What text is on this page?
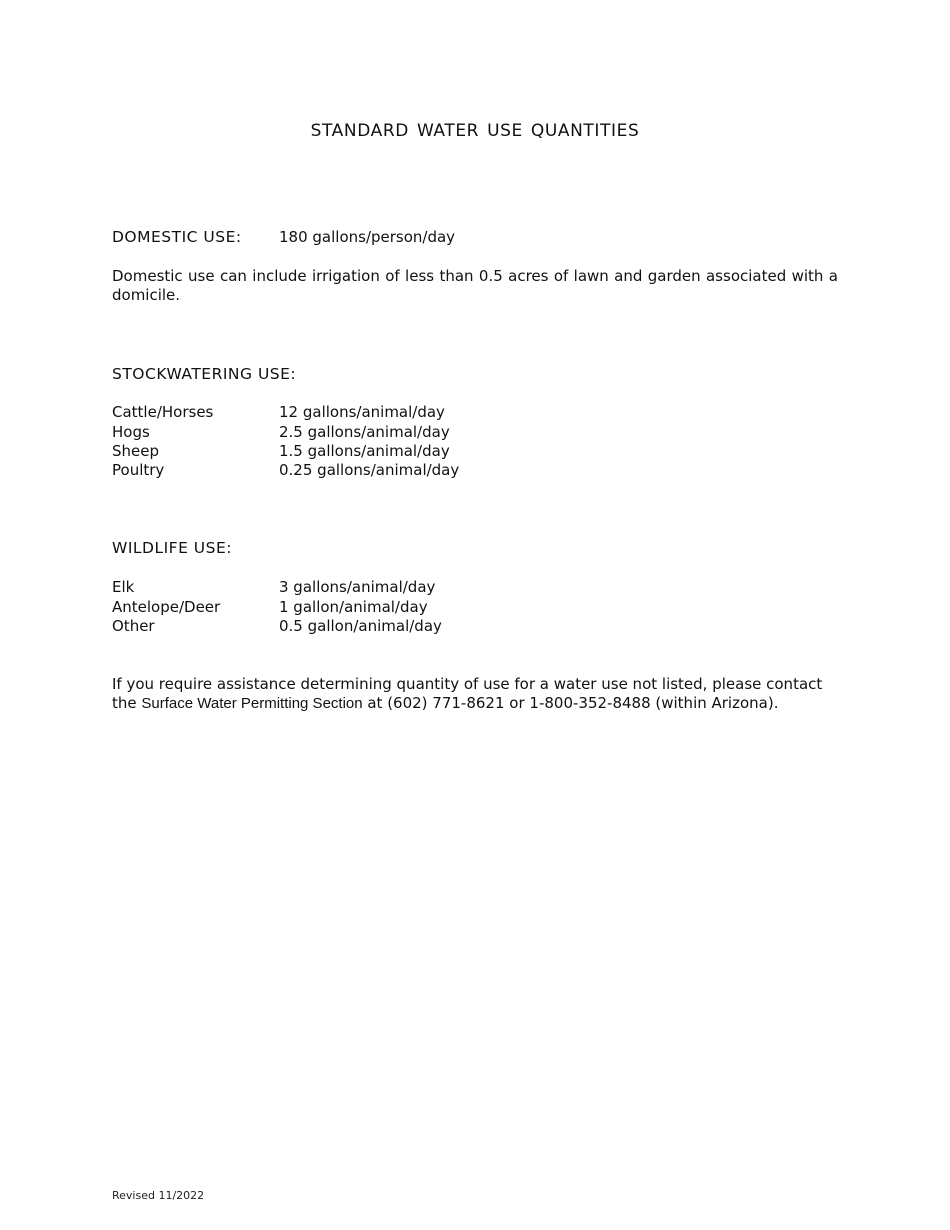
STANDARD WATER USE QUANTITIES
DOMESTIC USE: 180 gallons/person/day
Domestic use can include irrigation of less than 0.5 acres of lawn and garden associated with a domicile.
STOCKWATERING USE:
Cattle/Horses	12 gallons/animal/day
Hogs	2.5 gallons/animal/day
Sheep	1.5 gallons/animal/day
Poultry	0.25 gallons/animal/day
WILDLIFE USE:
Elk	3 gallons/animal/day
Antelope/Deer	1 gallon/animal/day
Other	0.5 gallon/animal/day
If you require assistance determining quantity of use for a water use not listed, please contact the Surface Water Permitting Section at (602) 771-8621 or 1-800-352-8488 (within Arizona).
Revised 11/2022
